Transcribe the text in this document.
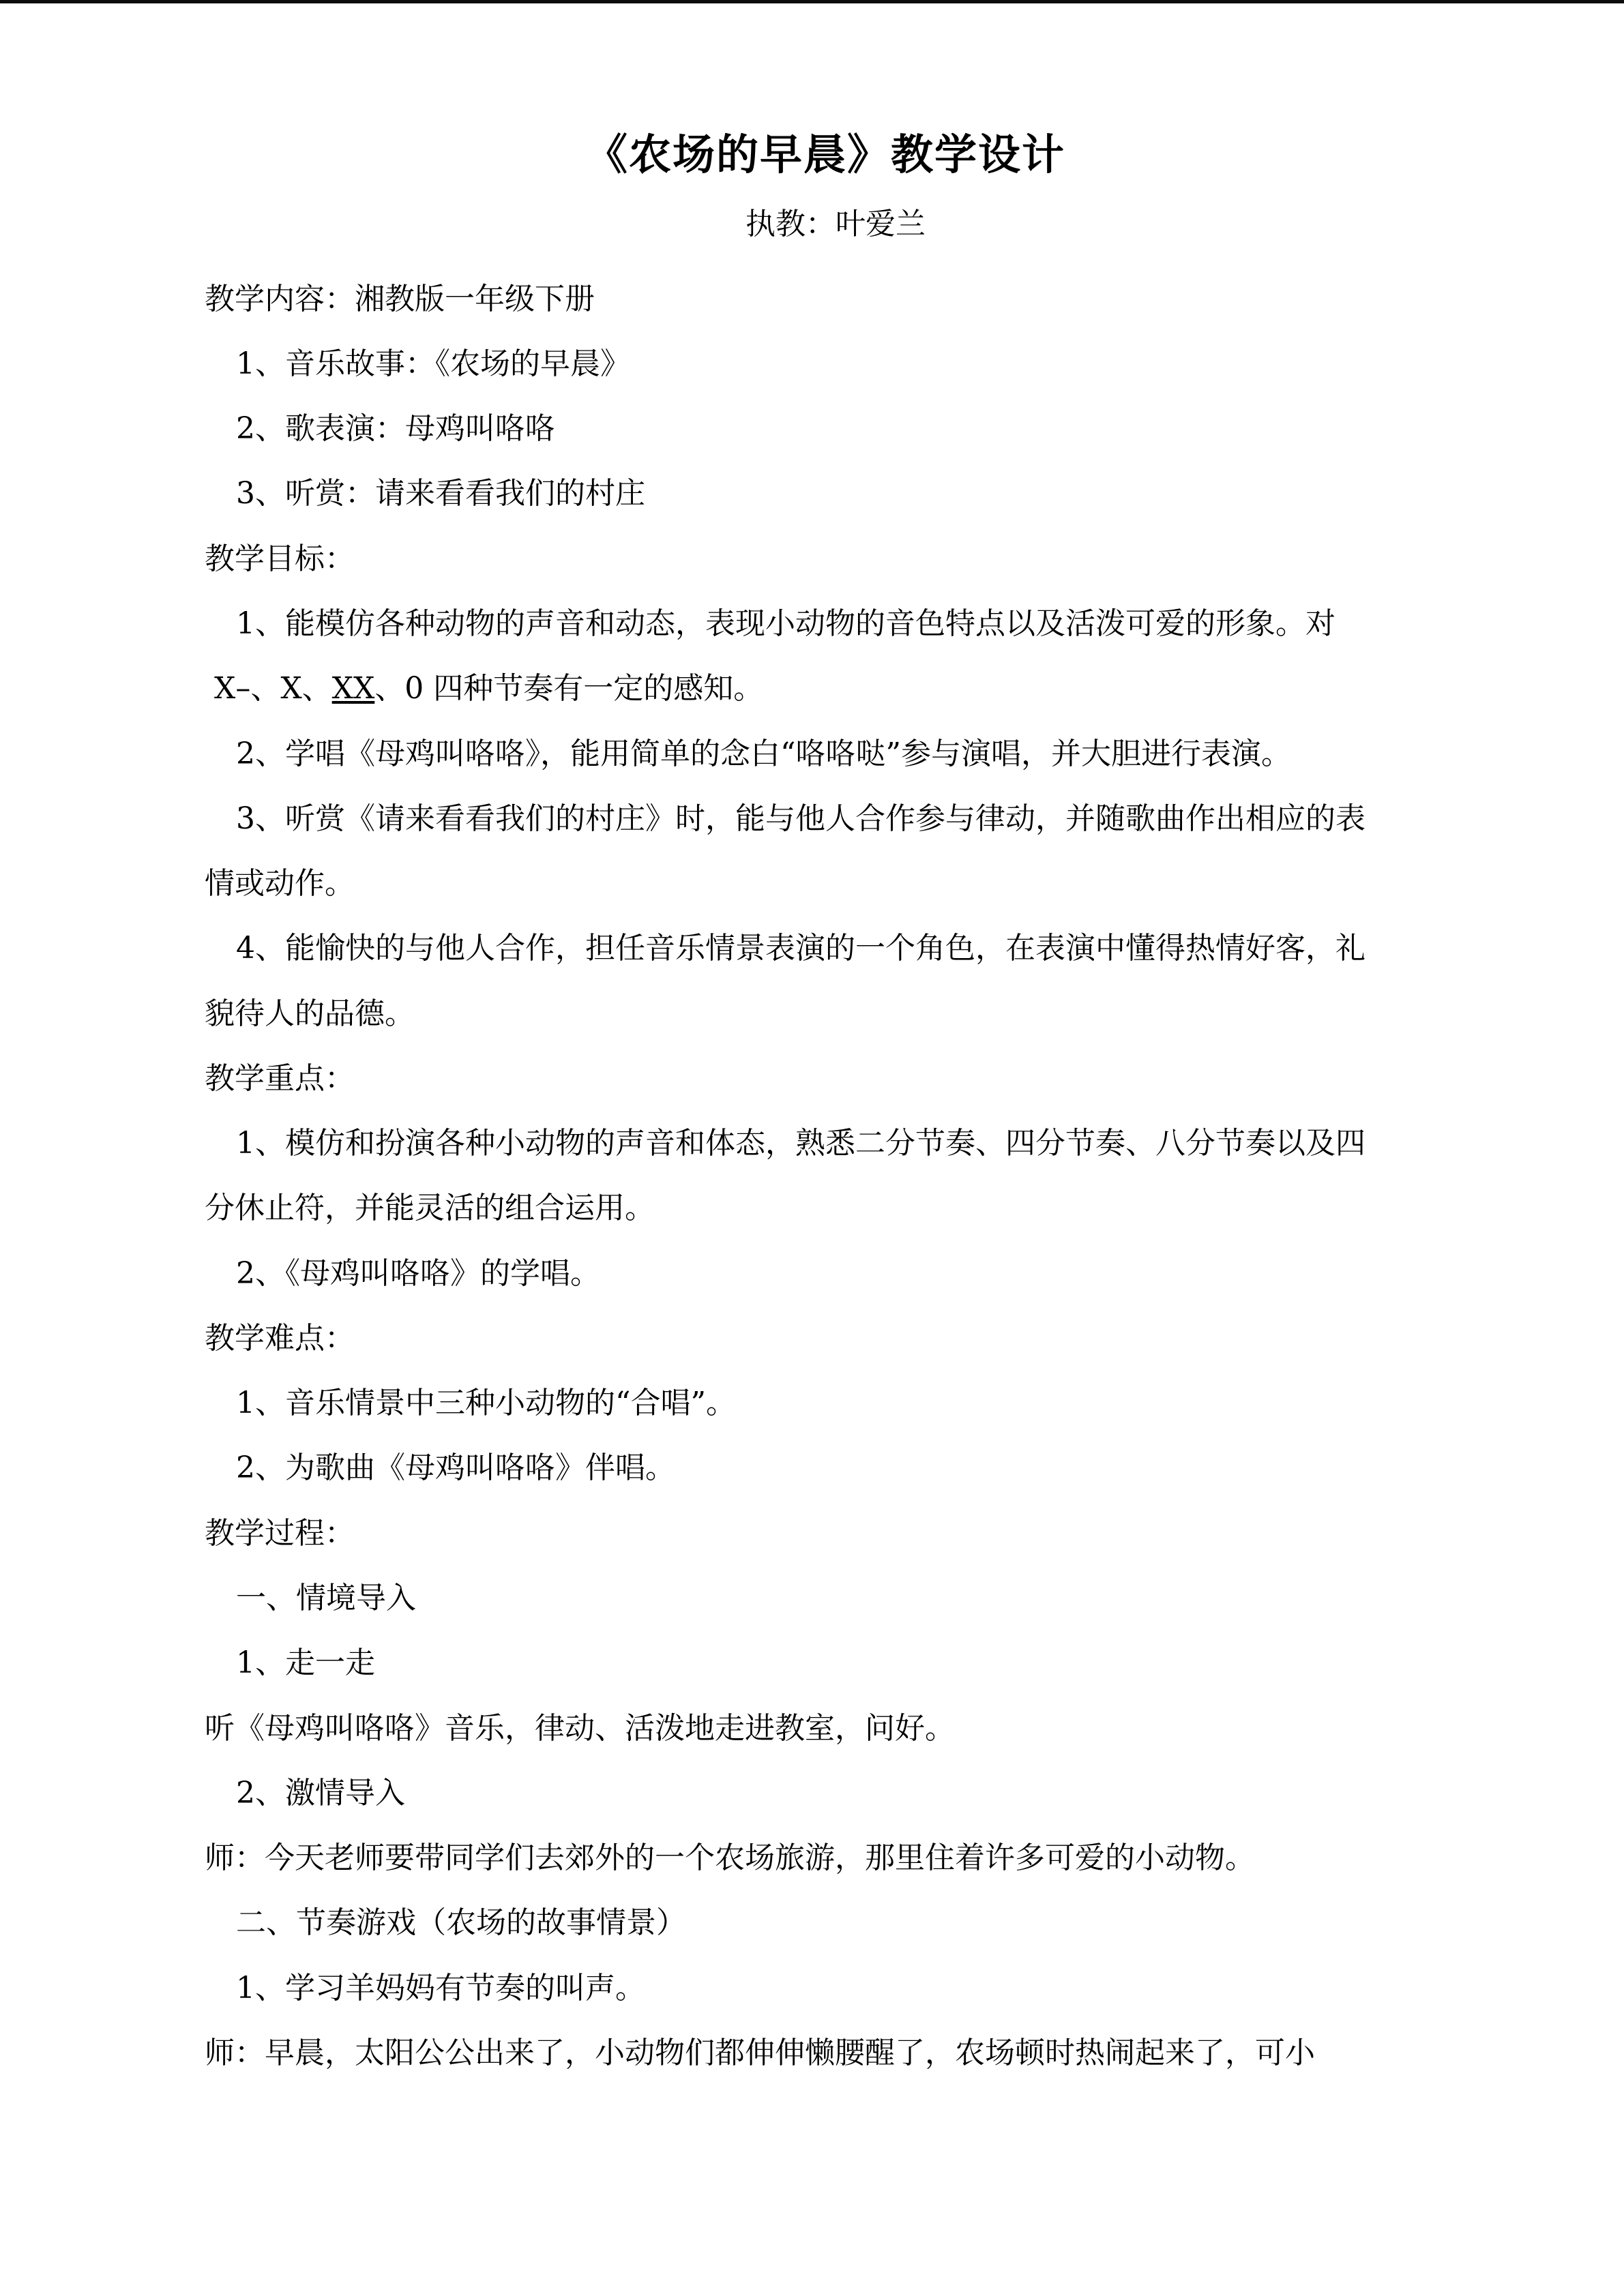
《农场的早晨》教学设计
执教：叶爱兰

教学内容：湘教版一年级下册

1、音乐故事：《农场的早晨》

2、歌表演：母鸡叫咯咯

3、听赏：请来看看我们的村庄

教学目标：

1、能模仿各种动物的声音和动态，表现小动物的音色特点以及活泼可爱的形象。对

X–、X、XX、0 四种节奏有一定的感知。

2、学唱《母鸡叫咯咯》，能用简单的念白“咯咯哒”参与演唱，并大胆进行表演。

3、听赏《请来看看我们的村庄》时，能与他人合作参与律动，并随歌曲作出相应的表

情或动作。

4、能愉快的与他人合作，担任音乐情景表演的一个角色，在表演中懂得热情好客，礼

貌待人的品德。

教学重点：

1、模仿和扮演各种小动物的声音和体态，熟悉二分节奏、四分节奏、八分节奏以及四

分休止符，并能灵活的组合运用。

2、《母鸡叫咯咯》的学唱。

教学难点：

1、音乐情景中三种小动物的“合唱”。

2、为歌曲《母鸡叫咯咯》伴唱。

教学过程：

一、情境导入

1、走一走

听《母鸡叫咯咯》音乐，律动、活泼地走进教室，问好。

2、激情导入

师：今天老师要带同学们去郊外的一个农场旅游，那里住着许多可爱的小动物。

二、节奏游戏（农场的故事情景）

1、学习羊妈妈有节奏的叫声。

师：早晨，太阳公公出来了，小动物们都伸伸懒腰醒了，农场顿时热闹起来了，可小
